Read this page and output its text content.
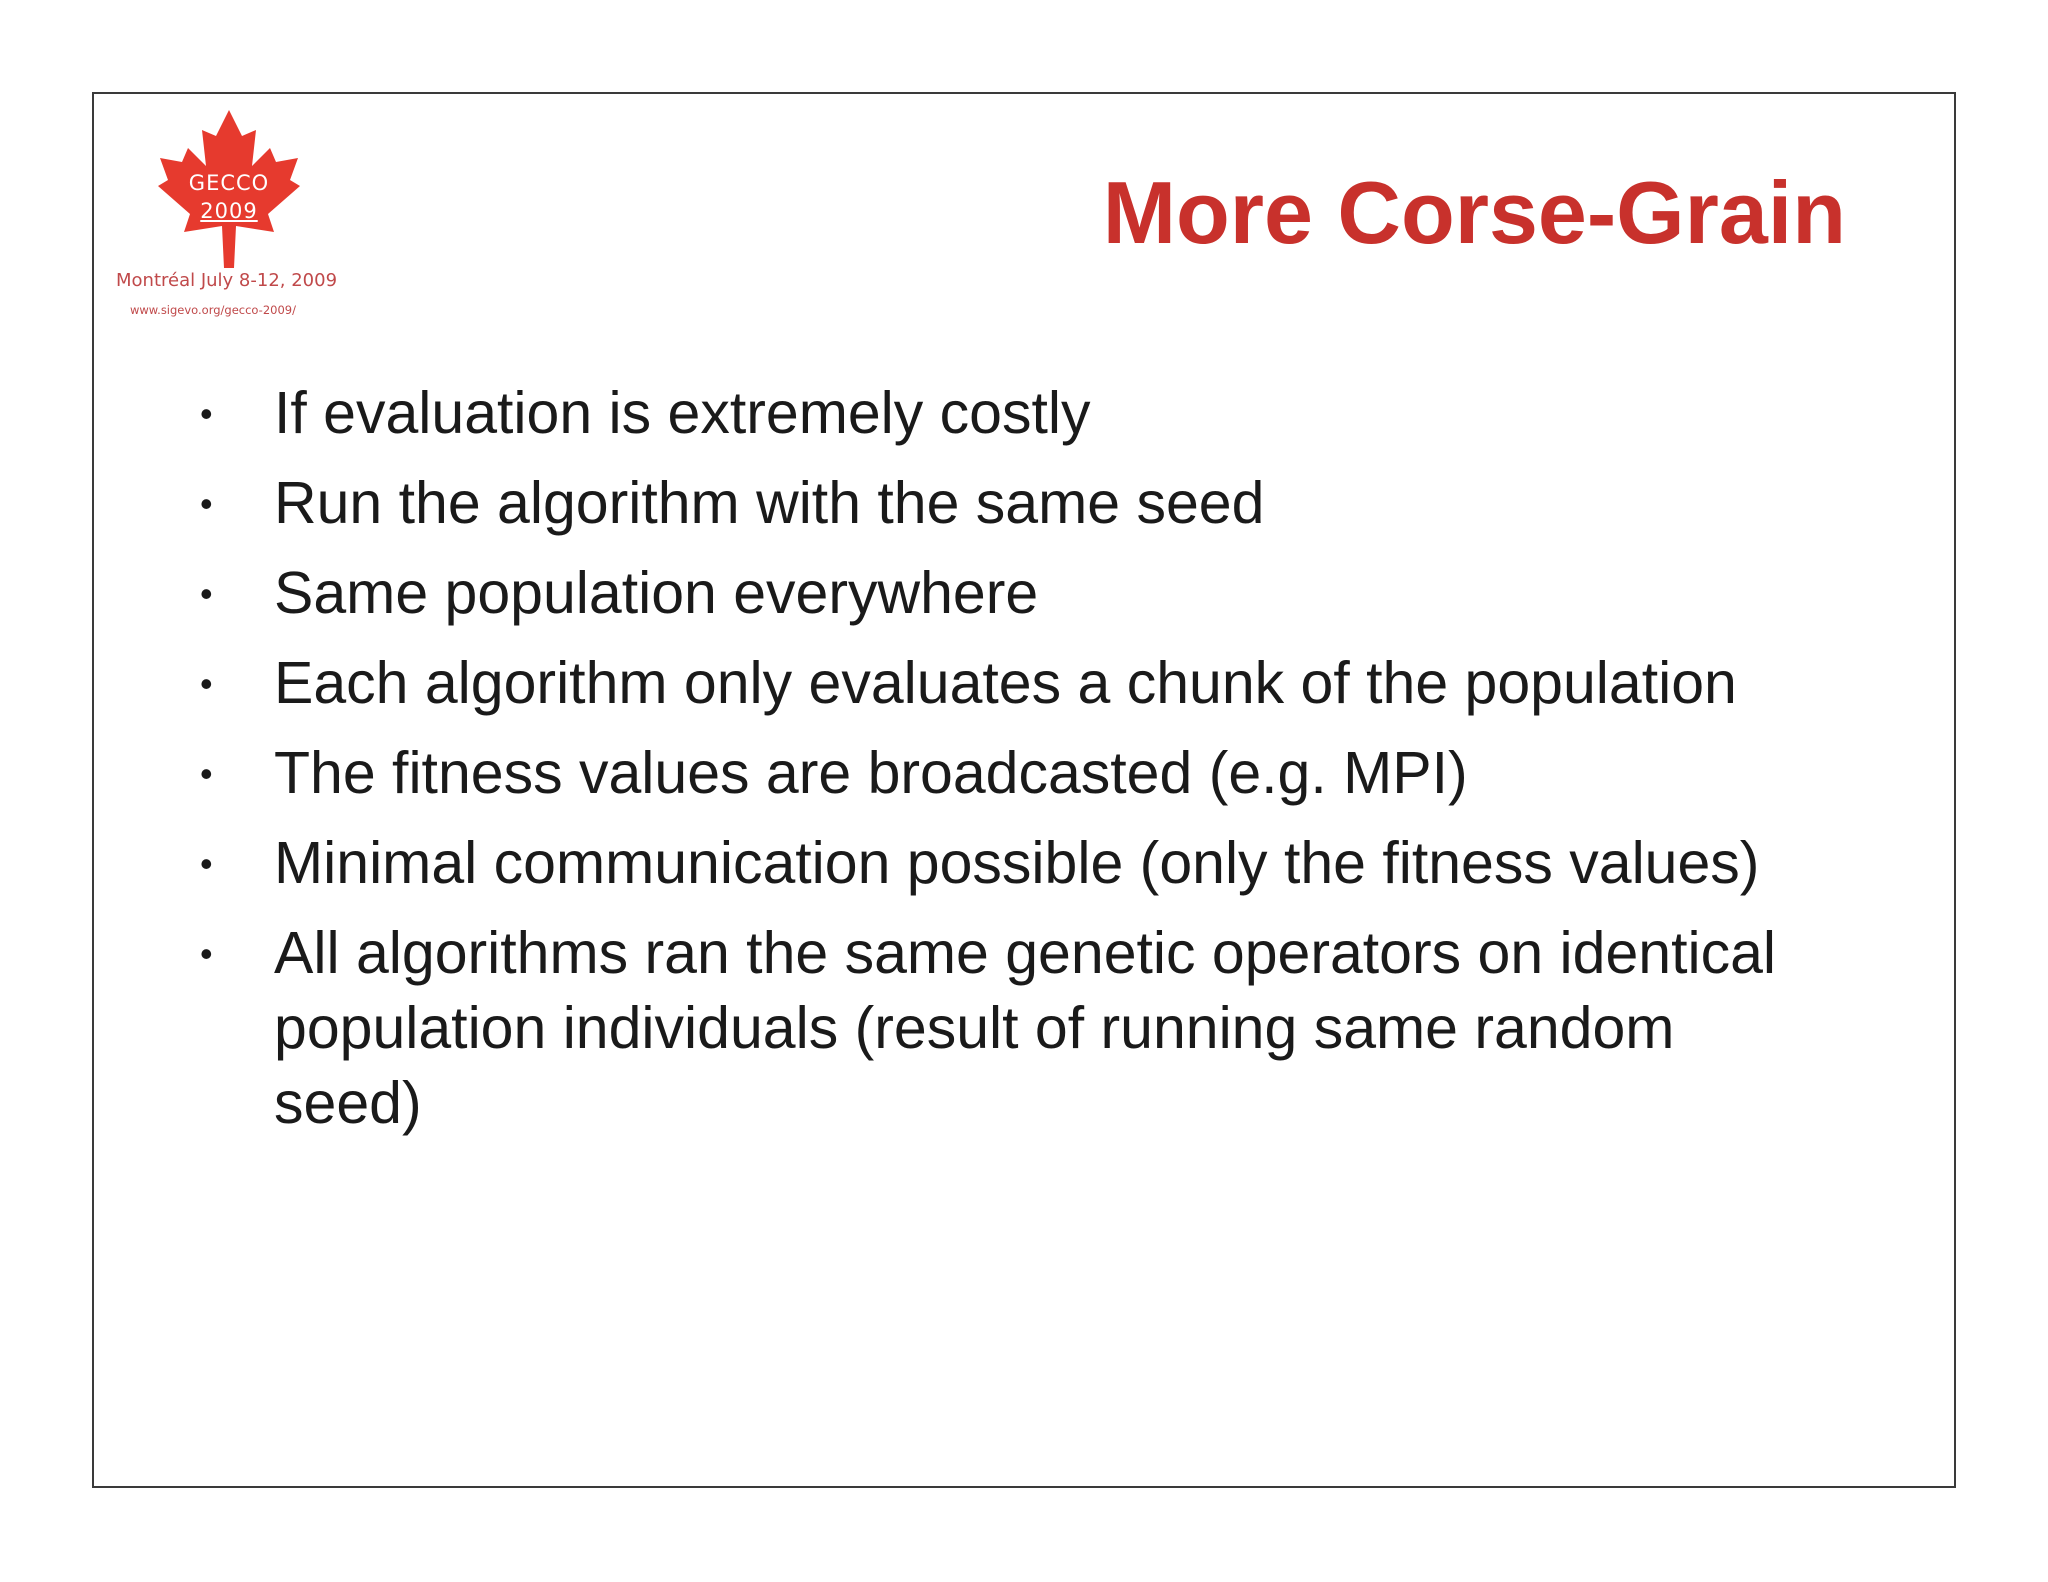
GECCO
2009
Montréal July 8-12, 2009
www.sigevo.org/gecco-2009/
More Corse-Grain
•	If evaluation is extremely costly
•	Run the algorithm with the same seed
•	Same population everywhere
•	Each algorithm only evaluates a chunk of the population
•	The fitness values are broadcasted (e.g. MPI)
•	Minimal communication possible (only the fitness values)
•	All algorithms ran the same genetic operators on identical population individuals (result of running same random seed)
